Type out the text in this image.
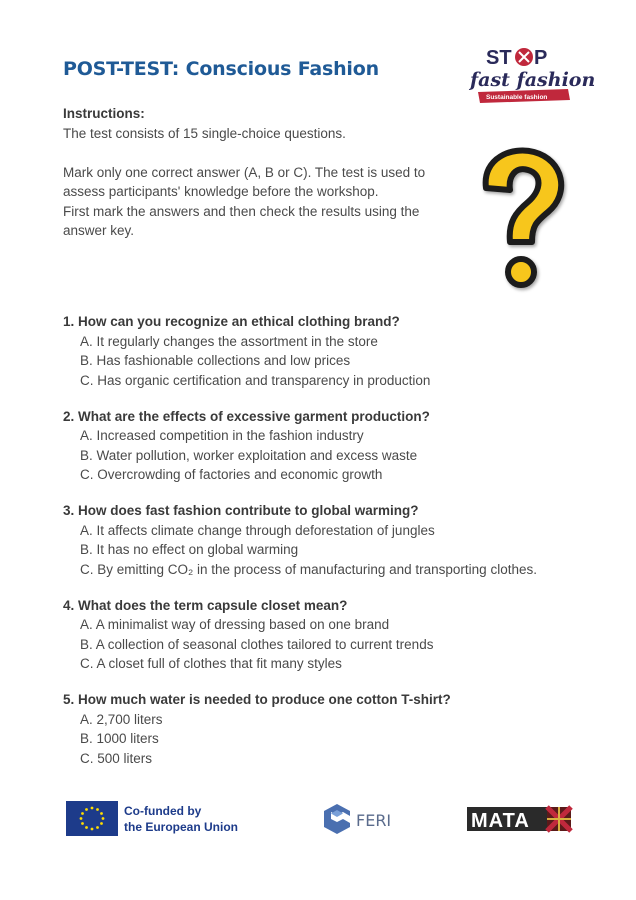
POST-TEST: Conscious Fashion	ST P
fast fashion
Sustainable fashion

Instructions:

The test consists of 15 single-choice questions.

Mark only one correct answer (A, B or C). The test is used to assess participants' knowledge before the workshop.

First mark the answers and then check the results using the answer key.

1. How can you recognize an ethical clothing brand?

A. It regularly changes the assortment in the store

B. Has fashionable collections and low prices

C. Has organic certification and transparency in production

2. What are the effects of excessive garment production?

A. Increased competition in the fashion industry

B. Water pollution, worker exploitation and excess waste

C. Overcrowding of factories and economic growth

3. How does fast fashion contribute to global warming?

A. It affects climate change through deforestation of jungles

B. It has no effect on global warming

C. By emitting CO₂ in the process of manufacturing and transporting clothes.

4. What does the term capsule closet mean?

A. A minimalist way of dressing based on one brand

B. A collection of seasonal clothes tailored to current trends

C. A closet full of clothes that fit many styles

5. How much water is needed to produce one cotton T-shirt?

A. 2,700 liters

B. 1000 liters

C. 500 liters

Co-funded by
the European Union	FERI	MATA
